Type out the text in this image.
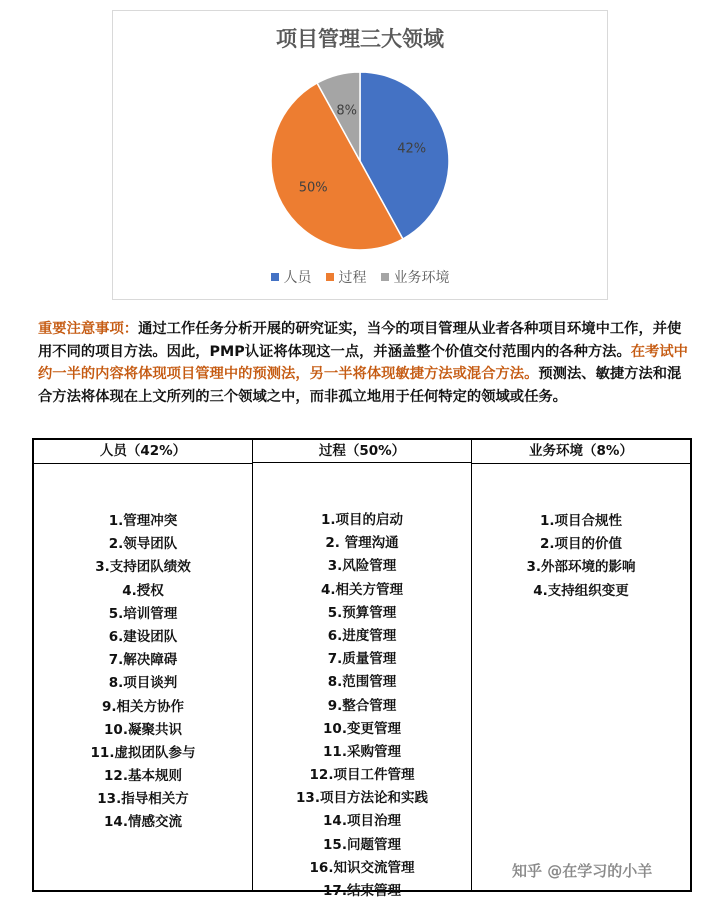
项目管理三大领域
42%
50%
8%
人员 过程 业务环境
重要注意事项：通过工作任务分析开展的研究证实，当今的项目管理从业者各种项目环境中工作，并使用不同的项目方法。因此，PMP认证将体现这一点，并涵盖整个价值交付范围内的各种方法。在考试中约一半的内容将体现项目管理中的预测法，另一半将体现敏捷方法或混合方法。预测法、敏捷方法和混合方法将体现在上文所列的三个领域之中，而非孤立地用于任何特定的领域或任务。
人员（42%）
1.管理冲突
2.领导团队
3.支持团队绩效
4.授权
5.培训管理
6.建设团队
7.解决障碍
8.项目谈判
9.相关方协作
10.凝聚共识
11.虚拟团队参与
12.基本规则
13.指导相关方
14.情感交流
过程（50%）
1.项目的启动
2. 管理沟通
3.风险管理
4.相关方管理
5.预算管理
6.进度管理
7.质量管理
8.范围管理
9.整合管理
10.变更管理
11.采购管理
12.项目工件管理
13.项目方法论和实践
14.项目治理
15.问题管理
16.知识交流管理
17.结束管理
业务环境（8%）
1.项目合规性
2.项目的价值
3.外部环境的影响
4.支持组织变更
知乎 @在学习的小羊
